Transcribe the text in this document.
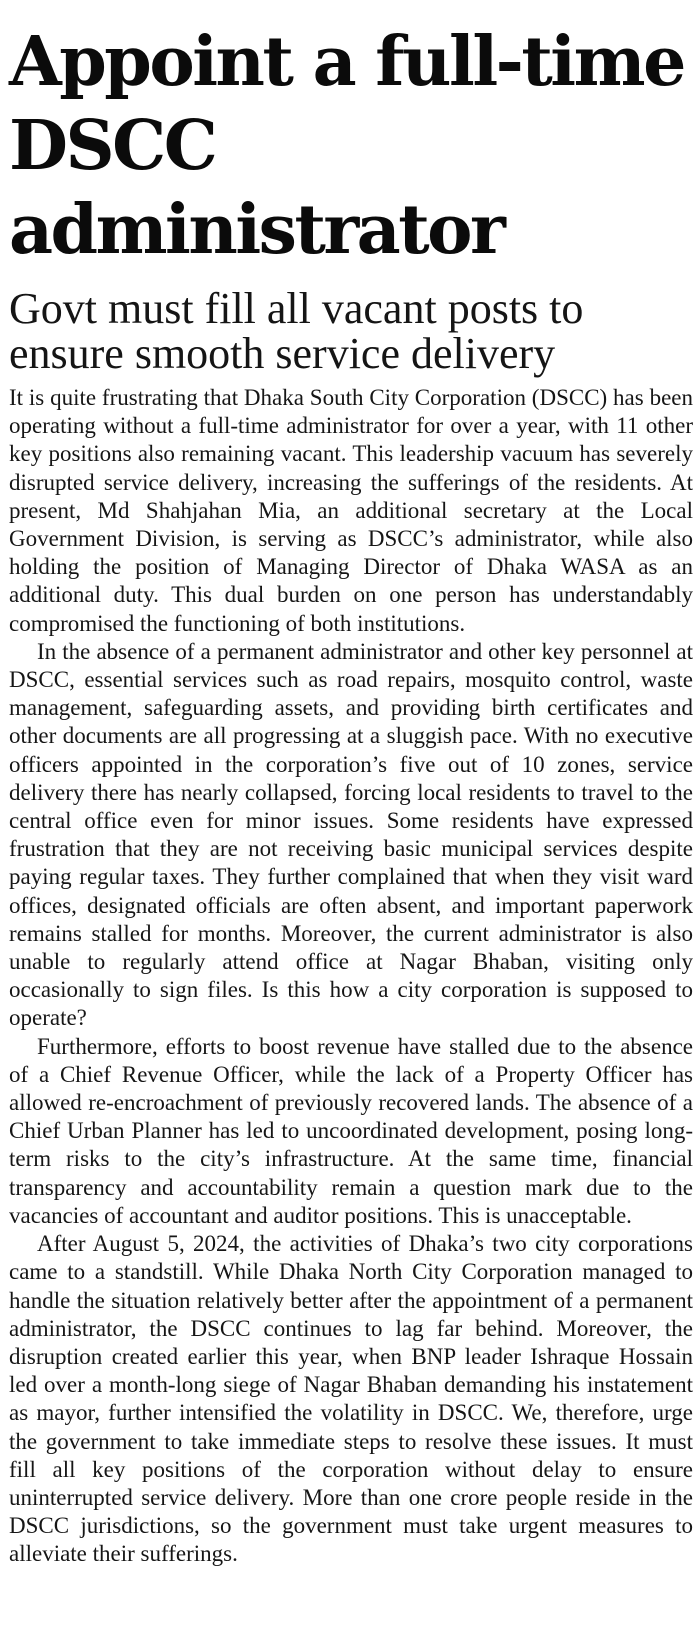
Appoint a full-time DSCC administrator
Govt must fill all vacant posts to ensure smooth service delivery

It is quite frustrating that Dhaka South City Corporation (DSCC) has been operating without a full-time administrator for over a year, with 11 other key positions also remaining vacant. This leadership vacuum has severely disrupted service delivery, increasing the sufferings of the residents. At present, Md Shahjahan Mia, an additional secretary at the Local Government Division, is serving as DSCC’s administrator, while also holding the position of Managing Director of Dhaka WASA as an additional duty. This dual burden on one person has understandably compromised the functioning of both institutions.

In the absence of a permanent administrator and other key personnel at DSCC, essential services such as road repairs, mosquito control, waste management, safeguarding assets, and providing birth certificates and other documents are all progressing at a sluggish pace. With no executive officers appointed in the corporation’s five out of 10 zones, service delivery there has nearly collapsed, forcing local residents to travel to the central office even for minor issues. Some residents have expressed frustration that they are not receiving basic municipal services despite paying regular taxes. They further complained that when they visit ward offices, designated officials are often absent, and important paperwork remains stalled for months. Moreover, the current administrator is also unable to regularly attend office at Nagar Bhaban, visiting only occasionally to sign files. Is this how a city corporation is supposed to operate?

Furthermore, efforts to boost revenue have stalled due to the absence of a Chief Revenue Officer, while the lack of a Property Officer has allowed re-encroachment of previously recovered lands. The absence of a Chief Urban Planner has led to uncoordinated development, posing long-term risks to the city’s infrastructure. At the same time, financial transparency and accountability remain a question mark due to the vacancies of accountant and auditor positions. This is unacceptable.

After August 5, 2024, the activities of Dhaka’s two city corporations came to a standstill. While Dhaka North City Corporation managed to handle the situation relatively better after the appointment of a permanent administrator, the DSCC continues to lag far behind. Moreover, the disruption created earlier this year, when BNP leader Ishraque Hossain led over a month-long siege of Nagar Bhaban demanding his instatement as mayor, further intensified the volatility in DSCC. We, therefore, urge the government to take immediate steps to resolve these issues. It must fill all key positions of the corporation without delay to ensure uninterrupted service delivery. More than one crore people reside in the DSCC jurisdictions, so the government must take urgent measures to alleviate their sufferings.
